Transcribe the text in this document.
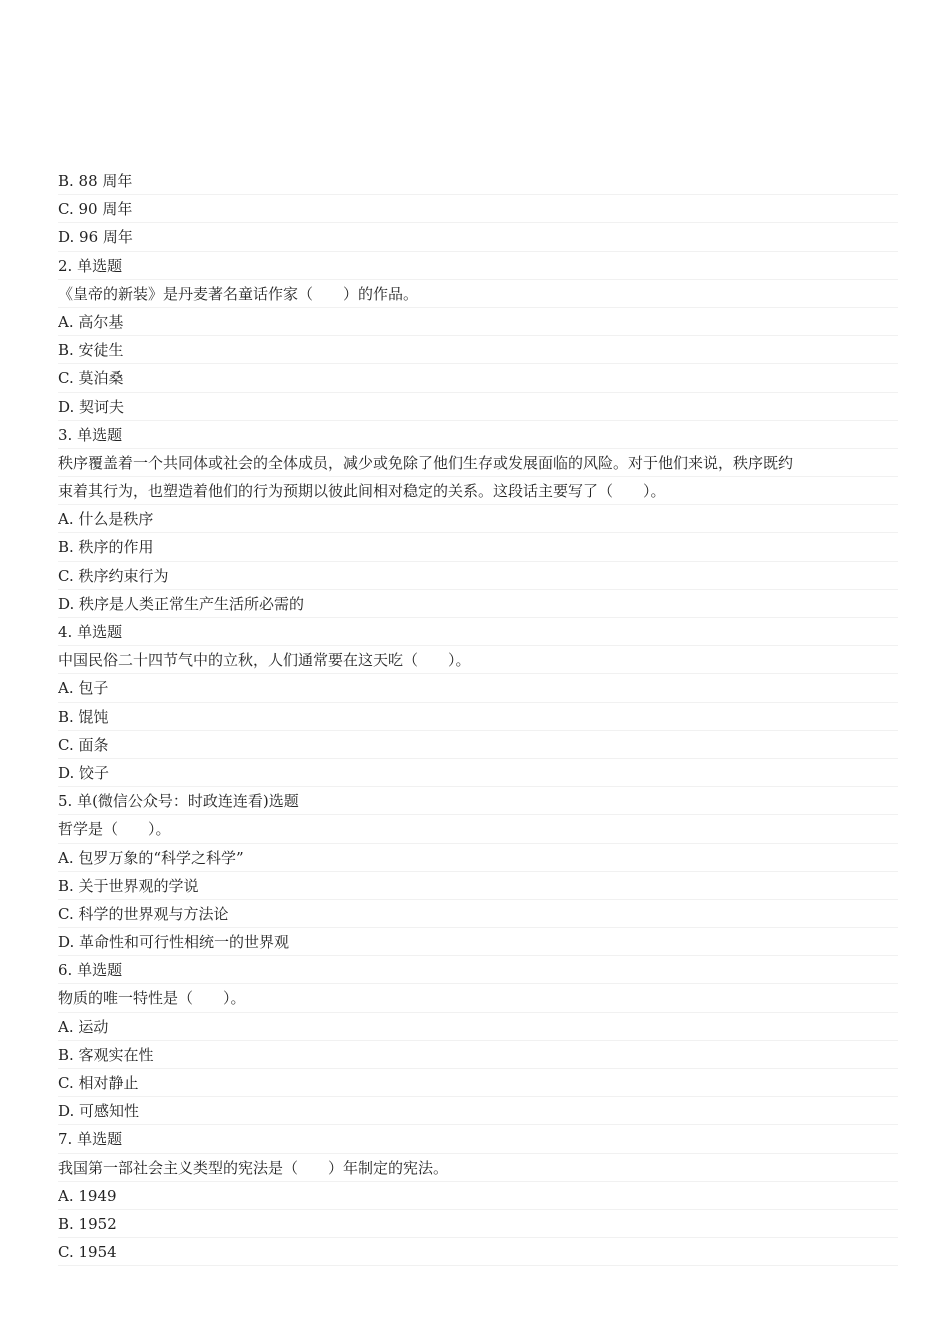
B. 88 周年
C. 90 周年
D. 96 周年
2. 单选题
《皇帝的新装》是丹麦著名童话作家（　　）的作品。
A. 高尔基
B. 安徒生
C. 莫泊桑
D. 契诃夫
3. 单选题
秩序覆盖着一个共同体或社会的全体成员，减少或免除了他们生存或发展面临的风险。对于他们来说，秩序既约
束着其行为，也塑造着他们的行为预期以彼此间相对稳定的关系。这段话主要写了（　　）。
A. 什么是秩序
B. 秩序的作用
C. 秩序约束行为
D. 秩序是人类正常生产生活所必需的
4. 单选题
中国民俗二十四节气中的立秋，人们通常要在这天吃（　　）。
A. 包子
B. 馄饨
C. 面条
D. 饺子
5. 单(微信公众号：时政连连看)选题
哲学是（　　）。
A. 包罗万象的“科学之科学”
B. 关于世界观的学说
C. 科学的世界观与方法论
D. 革命性和可行性相统一的世界观
6. 单选题
物质的唯一特性是（　　）。
A. 运动
B. 客观实在性
C. 相对静止
D. 可感知性
7. 单选题
我国第一部社会主义类型的宪法是（　　）年制定的宪法。
A. 1949
B. 1952
C. 1954
